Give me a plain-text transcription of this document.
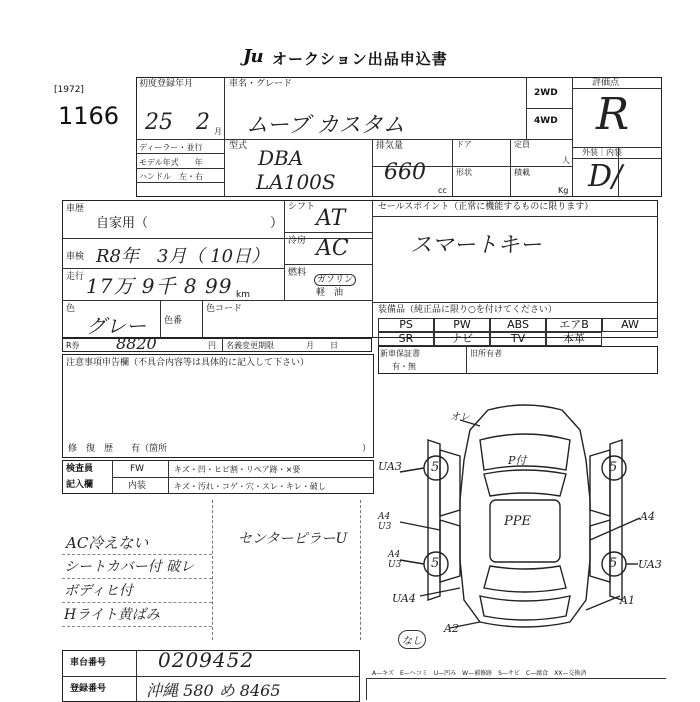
Ju オークション出品申込書
[1972]
1166
初度登録年月
25 2 月
ディーラー・並行
モデル年式　　年
ハンドル　左・右
車名・グレード
ムーブ カスタム
2WD
4WD
評価点
R
外装｜内装
D/
型式 DBA
LA100S
排気量
660
cc
ドア	定員
人
形状	積載
Kg
車歴
自家用（	）
車検 R8年　3月（ 10日）
走行 17万 9千 8 99 km
シフト AT
冷房 AC
燃料
ガソリン
軽　油
色
グレー 色番
色コード
セールスポイント（正常に機能するものに限ります）
スマートキー
装備品（純正品に限り○を付けてください）
PS	PW	ABS	エアB	AW
SR	ナビ	TV	本革
R券 8820	円 名義変更期限	月　　日
新車保証書
有・無
旧所有者
注意事項申告欄（不具合内容等は具体的に記入して下さい）
修　復　歴　　有（箇所	）
検査員
記入欄
FW	キズ・凹・ヒビ割・リペア跡・×要
内装	キズ・汚れ・コゲ・穴・スレ・キレ・破し
AC冷えない
シートカバー付 破レ
ボディヒ付
Hライト黄ばみ
センターピラーU
オレ
P付
PPE
UA3
A4 U3
A4 U3
UA4
A4
UA3
A1
A2
5	5
5	5
なし
車台番号	0209452
登録番号 沖縄 580 め 8465
A—キズ　E—ヘコミ　U—凹み　W—補修跡　S—サビ　C—腐食　XX—交換済
